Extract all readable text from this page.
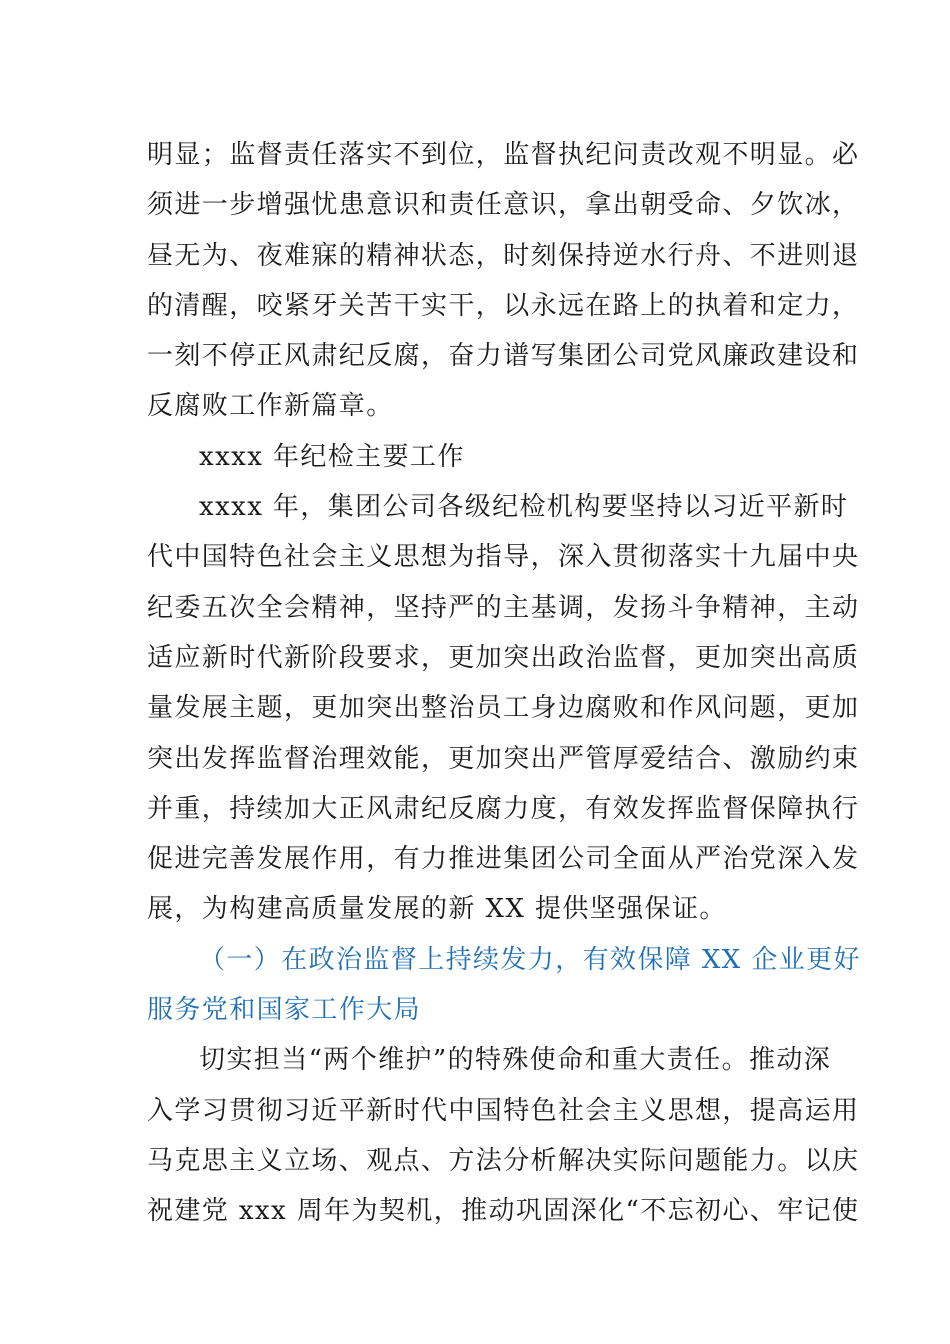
明显；监督责任落实不到位，监督执纪问责改观不明显。必
须进一步增强忧患意识和责任意识，拿出朝受命、夕饮冰，
昼无为、夜难寐的精神状态，时刻保持逆水行舟、不进则退
的清醒，咬紧牙关苦干实干，以永远在路上的执着和定力，
一刻不停正风肃纪反腐，奋力谱写集团公司党风廉政建设和
反腐败工作新篇章。
xxxx 年纪检主要工作
xxxx 年，集团公司各级纪检机构要坚持以习近平新时
代中国特色社会主义思想为指导，深入贯彻落实十九届中央
纪委五次全会精神，坚持严的主基调，发扬斗争精神，主动
适应新时代新阶段要求，更加突出政治监督，更加突出高质
量发展主题，更加突出整治员工身边腐败和作风问题，更加
突出发挥监督治理效能，更加突出严管厚爱结合、激励约束
并重，持续加大正风肃纪反腐力度，有效发挥监督保障执行
促进完善发展作用，有力推进集团公司全面从严治党深入发
展，为构建高质量发展的新 XX 提供坚强保证。
（一）在政治监督上持续发力，有效保障 XX 企业更好
服务党和国家工作大局
切实担当“两个维护”的特殊使命和重大责任。推动深
入学习贯彻习近平新时代中国特色社会主义思想，提高运用
马克思主义立场、观点、方法分析解决实际问题能力。以庆
祝建党 xxx 周年为契机，推动巩固深化“不忘初心、牢记使
